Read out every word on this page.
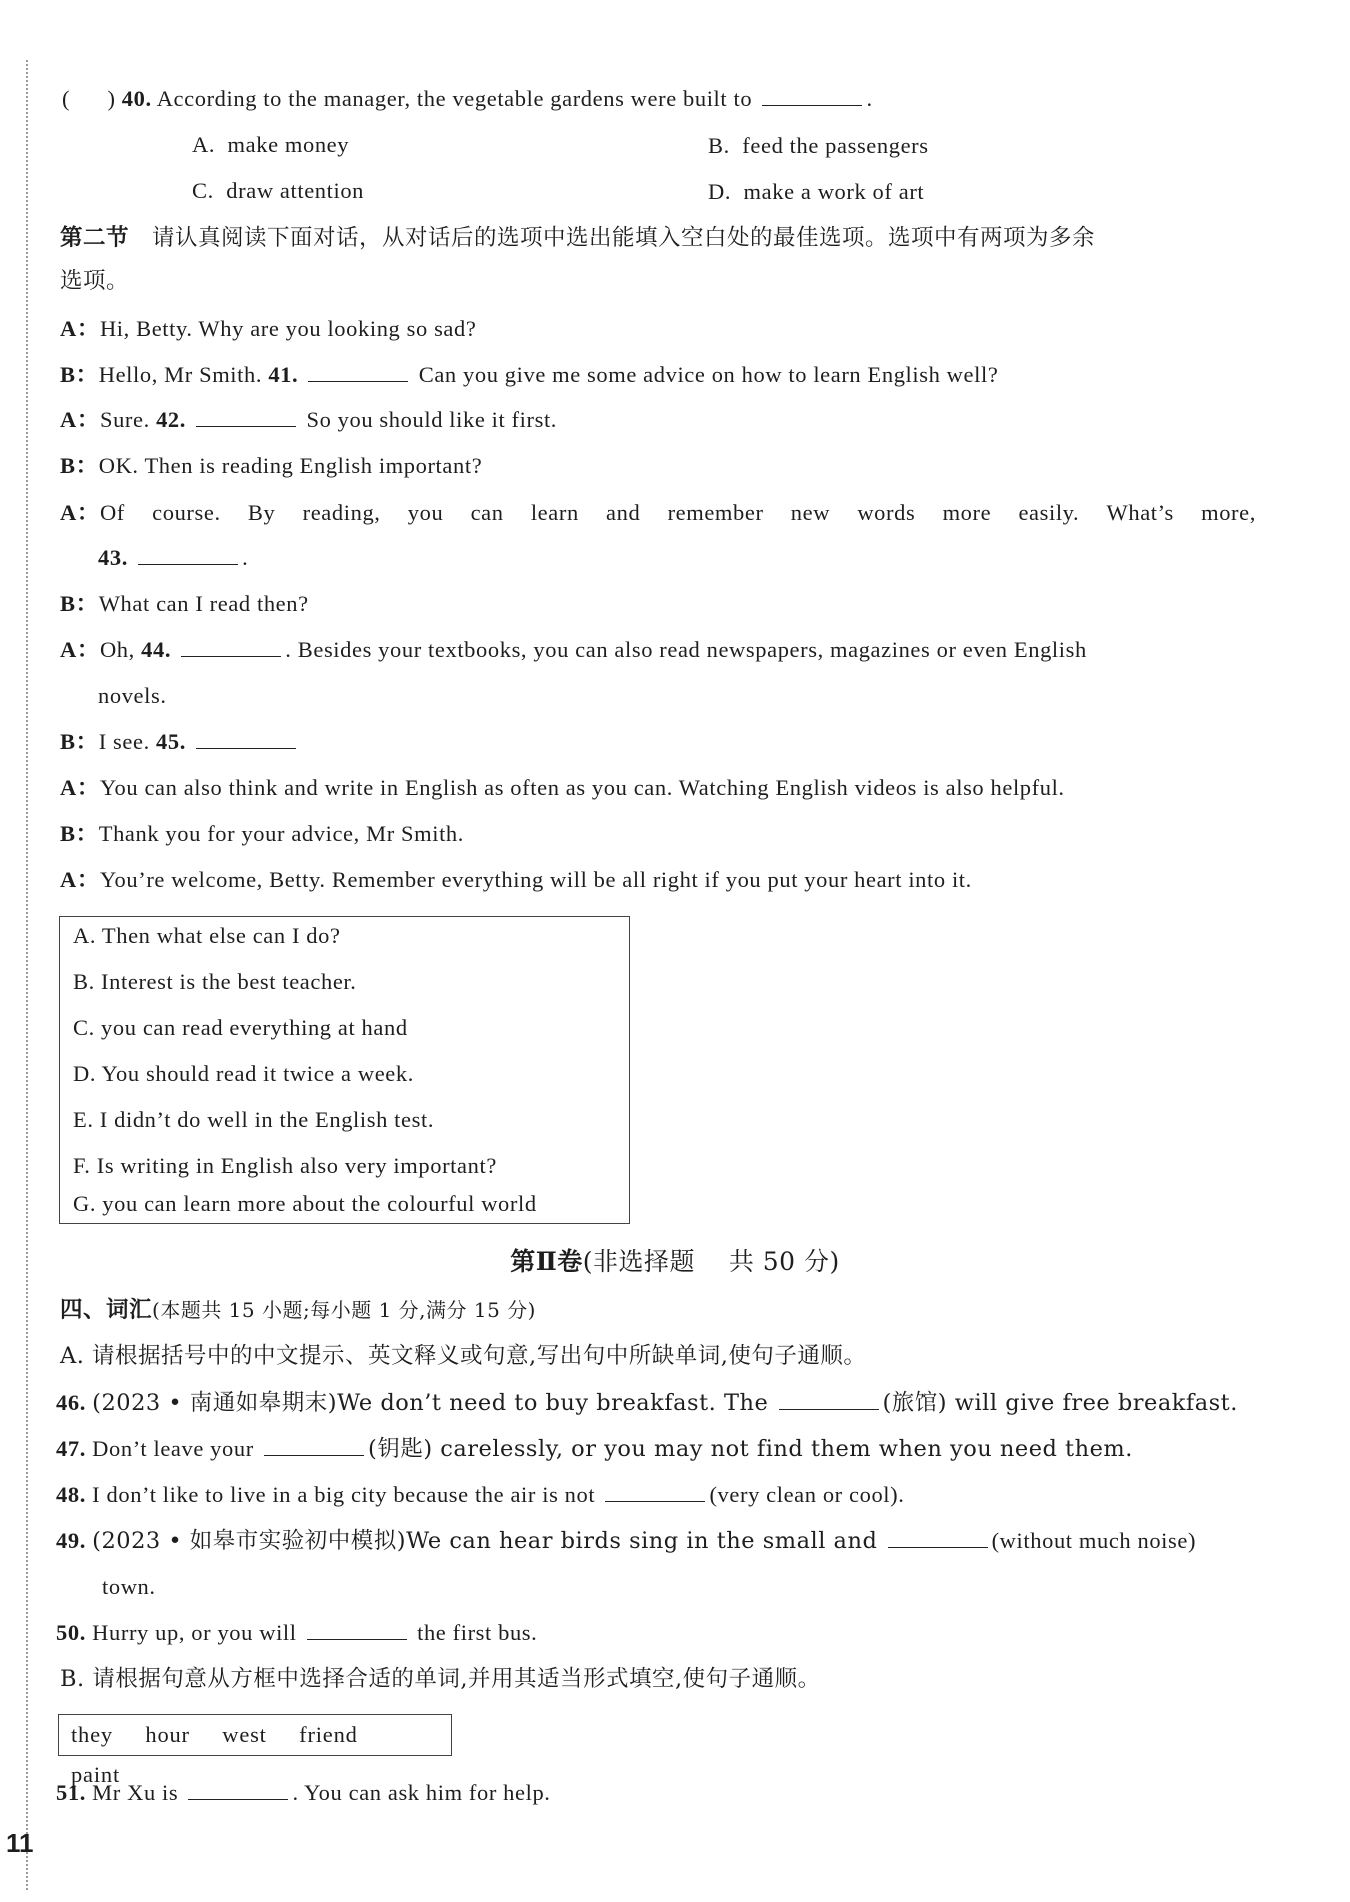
(      ) 40. According to the manager, the vegetable gardens were built to	.
A. make money	B. feed the passengers
C. draw attention	D. make a work of art
第二节 请认真阅读下面对话，从对话后的选项中选出能填入空白处的最佳选项。选项中有两项为多余
选项。
A：Hi, Betty. Why are you looking so sad?
B：Hello, Mr Smith. 41.	Can you give me some advice on how to learn English well?
A：Sure. 42.	So you should like it first.
B：OK. Then is reading English important?
A：Of course. By reading, you can learn and remember new words more easily. What’s more,
43.	.
B：What can I read then?
A：Oh, 44.	. Besides your textbooks, you can also read newspapers, magazines or even English
novels.
B：I see. 45.
A：You can also think and write in English as often as you can. Watching English videos is also helpful.
B：Thank you for your advice, Mr Smith.
A：You’re welcome, Betty. Remember everything will be all right if you put your heart into it.
A. Then what else can I do?
B. Interest is the best teacher.
C. you can read everything at hand
D. You should read it twice a week.
E. I didn’t do well in the English test.
F. Is writing in English also very important?
G. you can learn more about the colourful world
第Ⅱ卷(非选择题    共 50 分)
四、词汇(本题共 15 小题;每小题 1 分,满分 15 分)
A. 请根据括号中的中文提示、英文释义或句意,写出句中所缺单词,使句子通顺。
46. (2023 • 南通如皋期末)We don’t need to buy breakfast. The	(旅馆) will give free breakfast.
47. Don’t leave your	(钥匙) carelessly, or you may not find them when you need them.
48. I don’t like to live in a big city because the air is not	(very clean or cool).
49. (2023 • 如皋市实验初中模拟)We can hear birds sing in the small and	(without much noise)
town.
50. Hurry up, or you will	the first bus.
B. 请根据句意从方框中选择合适的单词,并用其适当形式填空,使句子通顺。
they hour west friend paint
51. Mr Xu is	. You can ask him for help.
11
